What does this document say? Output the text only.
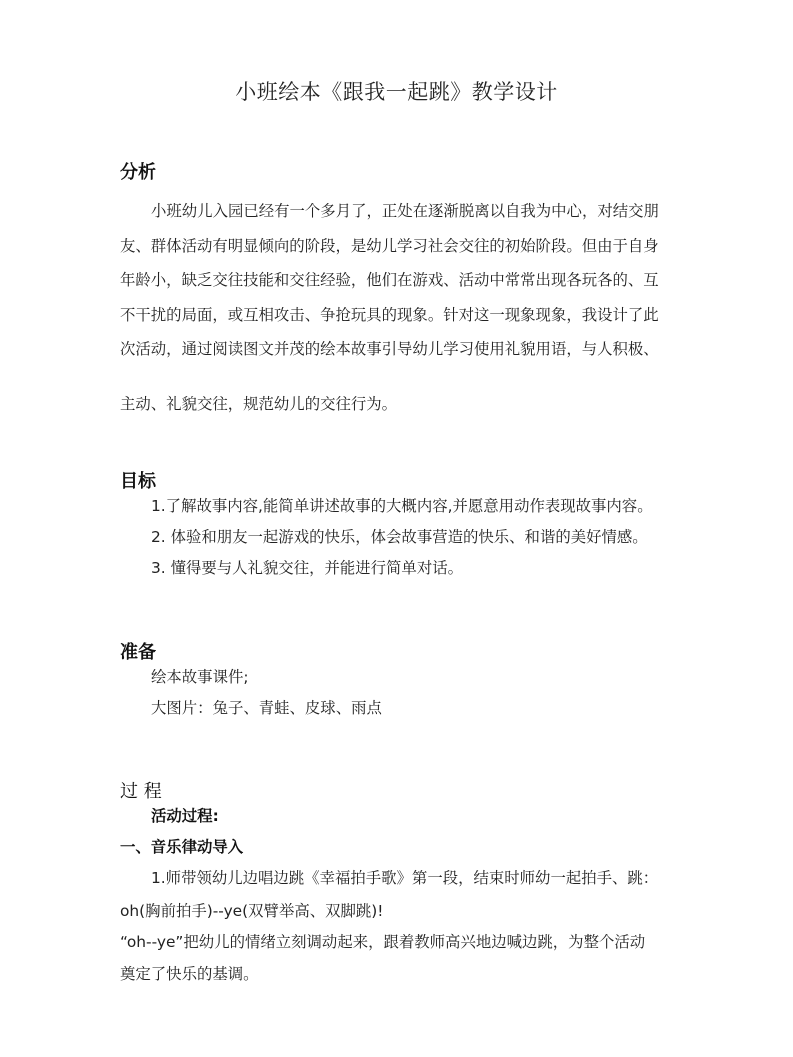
小班绘本《跟我一起跳》教学设计
分析
小班幼儿入园已经有一个多月了，正处在逐渐脱离以自我为中心，对结交朋
友、群体活动有明显倾向的阶段，是幼儿学习社会交往的初始阶段。但由于自身
年龄小，缺乏交往技能和交往经验，他们在游戏、活动中常常出现各玩各的、互
不干扰的局面，或互相攻击、争抢玩具的现象。针对这一现象现象，我设计了此
次活动，通过阅读图文并茂的绘本故事引导幼儿学习使用礼貌用语，与人积极、
主动、礼貌交往，规范幼儿的交往行为。
目标
1.了解故事内容,能简单讲述故事的大概内容,并愿意用动作表现故事内容。
2. 体验和朋友一起游戏的快乐，体会故事营造的快乐、和谐的美好情感。
3. 懂得要与人礼貌交往，并能进行简单对话。
准备
绘本故事课件;
大图片：兔子、青蛙、皮球、雨点
过 程
活动过程:
一、音乐律动导入
1.师带领幼儿边唱边跳《幸福拍手歌》第一段，结束时师幼一起拍手、跳：
oh(胸前拍手)--ye(双臂举高、双脚跳)!
“oh--ye”把幼儿的情绪立刻调动起来，跟着教师高兴地边喊边跳，为整个活动
奠定了快乐的基调。
